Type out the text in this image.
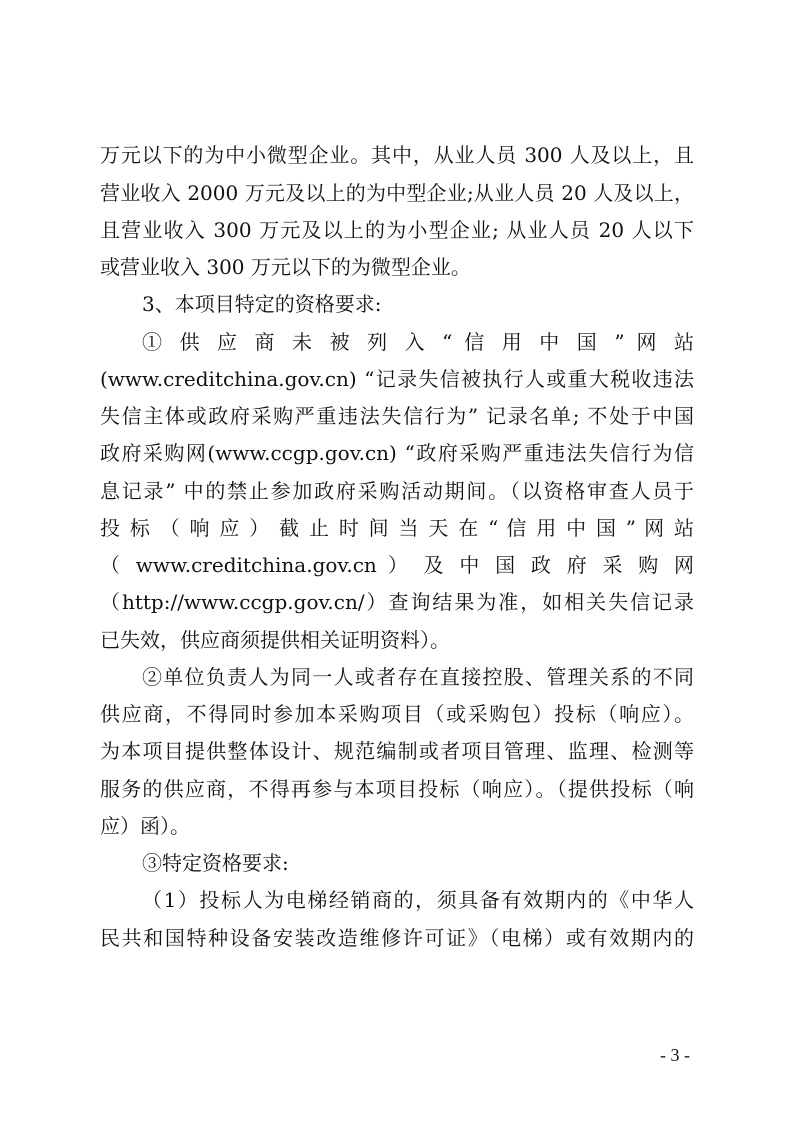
万元以下的为中小微型企业。其中，从业人员 300 人及以上，且
营业收入 2000 万元及以上的为中型企业;从业人员 20 人及以上，
且营业收入 300 万元及以上的为小型企业; 从业人员 20 人以下
或营业收入 300 万元以下的为微型企业。
3、本项目特定的资格要求:
① 供 应 商 未 被 列 入 “ 信 用 中 国 ” 网 站
(www.creditchina.gov.cn) “记录失信被执行人或重大税收违法
失信主体或政府采购严重违法失信行为” 记录名单; 不处于中国
政府采购网(www.ccgp.gov.cn) “政府采购严重违法失信行为信
息记录” 中的禁止参加政府采购活动期间。（以资格审查人员于
投 标 （ 响 应 ） 截 止 时 间 当 天 在 “ 信 用 中 国 ” 网 站
（ www.creditchina.gov.cn ） 及 中 国 政 府 采 购 网
（http://www.ccgp.gov.cn/）查询结果为准，如相关失信记录
已失效，供应商须提供相关证明资料）。
②单位负责人为同一人或者存在直接控股、管理关系的不同
供应商，不得同时参加本采购项目（或采购包）投标（响应）。
为本项目提供整体设计、规范编制或者项目管理、监理、检测等
服务的供应商，不得再参与本项目投标（响应）。（提供投标（响
应）函）。
③特定资格要求:
（1）投标人为电梯经销商的，须具备有效期内的《中华人
民共和国特种设备安装改造维修许可证》（电梯）或有效期内的
- 3 -
